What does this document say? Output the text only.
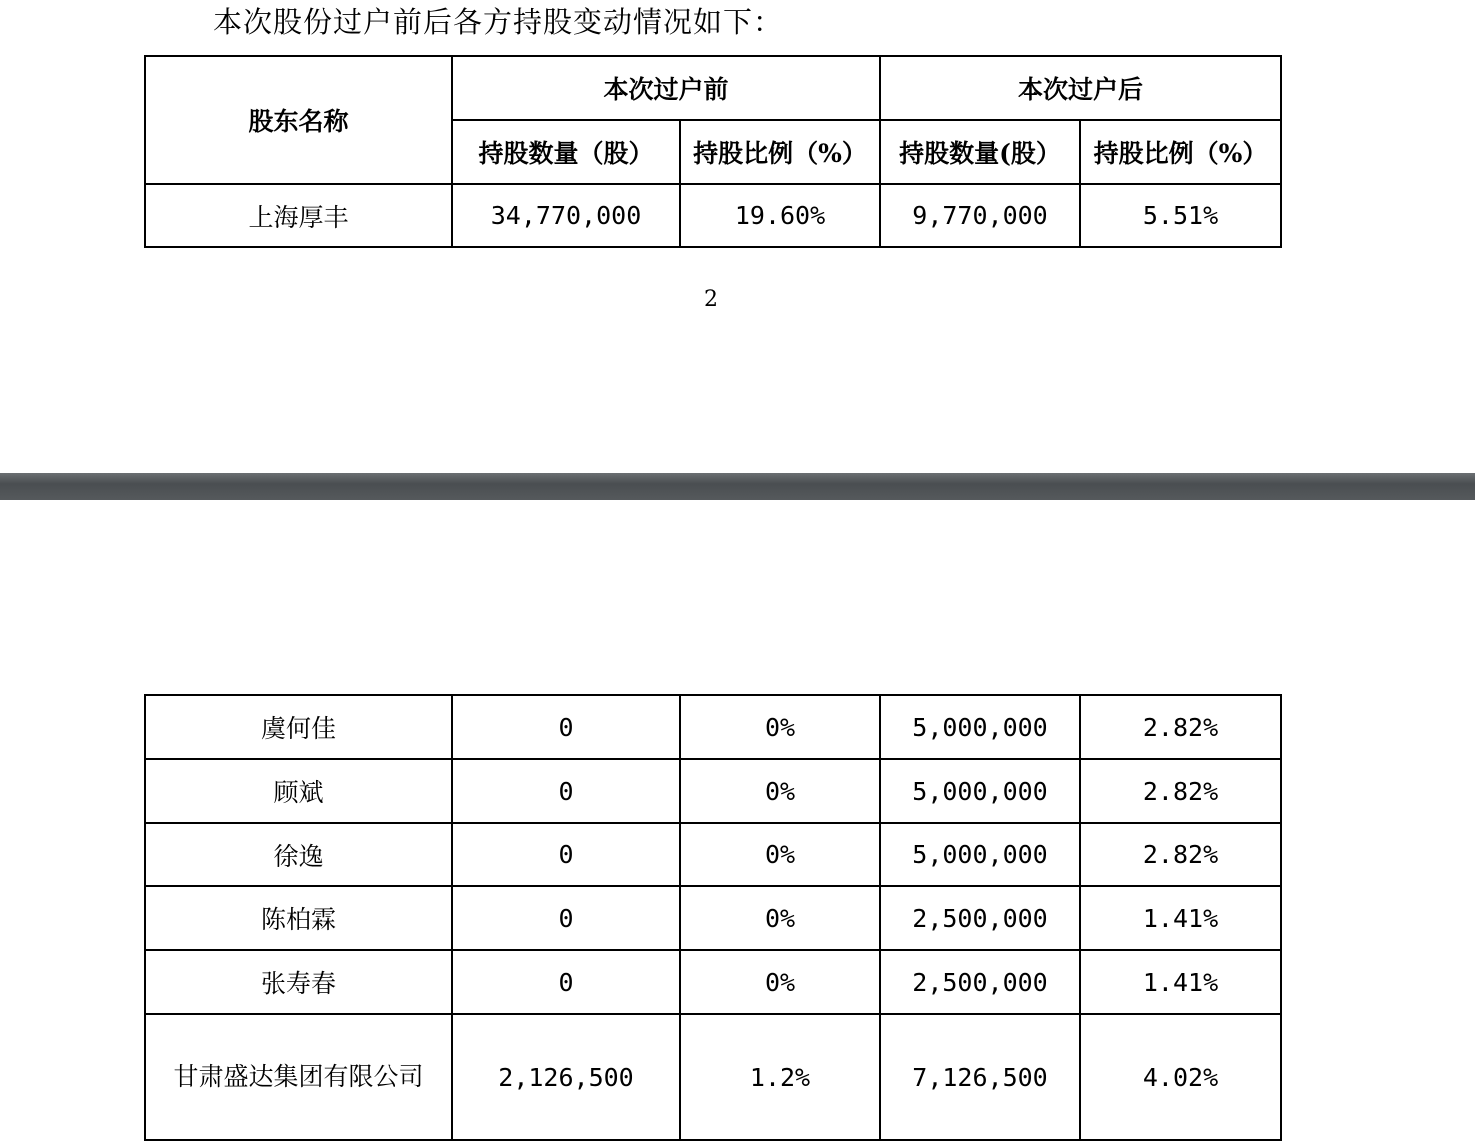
本次股份过户前后各方持股变动情况如下：

股东名称	本次过户前		本次过户后	
	持股数量（股）	持股比例（%）	持股数量(股）	持股比例（%）
上海厚丰	34,770,000	19.60%	9,770,000	5.51%
2
虞何佳	0	0%	5,000,000	2.82%
顾斌	0	0%	5,000,000	2.82%
徐逸	0	0%	5,000,000	2.82%
陈柏霖	0	0%	2,500,000	1.41%
张寿春	0	0%	2,500,000	1.41%
甘肃盛达集团有限公司	2,126,500	1.2%	7,126,500	4.02%
